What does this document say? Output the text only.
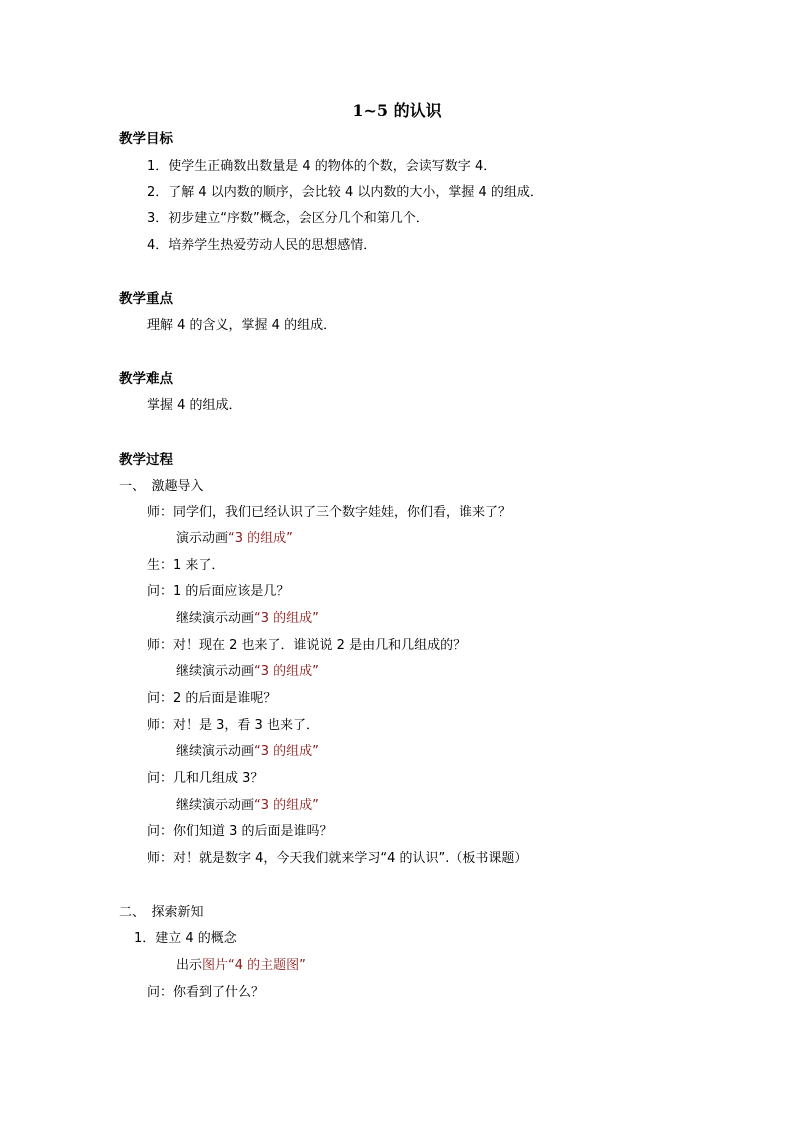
1~5 的认识
教学目标
1．使学生正确数出数量是 4 的物体的个数，会读写数字 4．
2．了解 4 以内数的顺序，会比较 4 以内数的大小，掌握 4 的组成．
3．初步建立“序数”概念，会区分几个和第几个．
4．培养学生热爱劳动人民的思想感情．
教学重点
理解 4 的含义，掌握 4 的组成．
教学难点
掌握 4 的组成．
教学过程
一、　激趣导入
师：同学们，我们已经认识了三个数字娃娃，你们看，谁来了？
演示动画“3 的组成”
生：1 来了．
问：1 的后面应该是几？
继续演示动画“3 的组成”
师：对！现在 2 也来了．谁说说 2 是由几和几组成的？
继续演示动画“3 的组成”
问：2 的后面是谁呢？
师：对！是 3，看 3 也来了．
继续演示动画“3 的组成”
问：几和几组成 3？
继续演示动画“3 的组成”
问：你们知道 3 的后面是谁吗？
师：对！就是数字 4，今天我们就来学习“4 的认识”.（板书课题）
二、　探索新知
1．建立 4 的概念
出示图片“4 的主题图”
问：你看到了什么？
